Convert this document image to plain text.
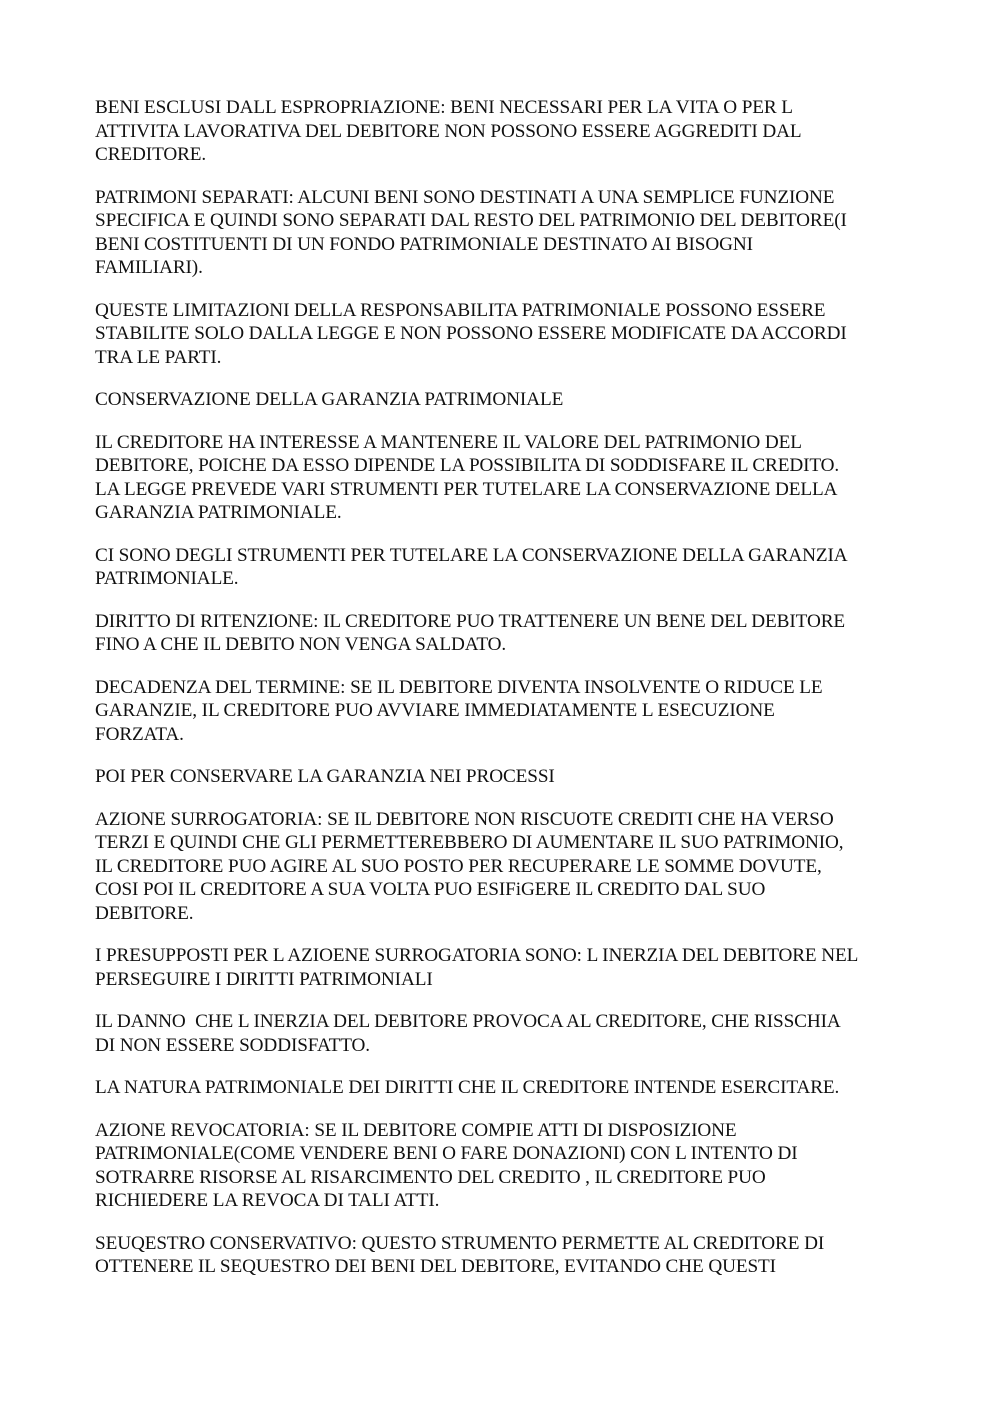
BENI ESCLUSI DALL ESPROPRIAZIONE: BENI NECESSARI PER LA VITA O PER L
ATTIVITA LAVORATIVA DEL DEBITORE NON POSSONO ESSERE AGGREDITI DAL
CREDITORE.

PATRIMONI SEPARATI: ALCUNI BENI SONO DESTINATI A UNA SEMPLICE FUNZIONE
SPECIFICA E QUINDI SONO SEPARATI DAL RESTO DEL PATRIMONIO DEL DEBITORE(I
BENI COSTITUENTI DI UN FONDO PATRIMONIALE DESTINATO AI BISOGNI
FAMILIARI).

QUESTE LIMITAZIONI DELLA RESPONSABILITA PATRIMONIALE POSSONO ESSERE
STABILITE SOLO DALLA LEGGE E NON POSSONO ESSERE MODIFICATE DA ACCORDI
TRA LE PARTI.

CONSERVAZIONE DELLA GARANZIA PATRIMONIALE

IL CREDITORE HA INTERESSE A MANTENERE IL VALORE DEL PATRIMONIO DEL
DEBITORE, POICHE DA ESSO DIPENDE LA POSSIBILITA DI SODDISFARE IL CREDITO.
LA LEGGE PREVEDE VARI STRUMENTI PER TUTELARE LA CONSERVAZIONE DELLA
GARANZIA PATRIMONIALE.

CI SONO DEGLI STRUMENTI PER TUTELARE LA CONSERVAZIONE DELLA GARANZIA
PATRIMONIALE.

DIRITTO DI RITENZIONE: IL CREDITORE PUO TRATTENERE UN BENE DEL DEBITORE
FINO A CHE IL DEBITO NON VENGA SALDATO.

DECADENZA DEL TERMINE: SE IL DEBITORE DIVENTA INSOLVENTE O RIDUCE LE
GARANZIE, IL CREDITORE PUO AVVIARE IMMEDIATAMENTE L ESECUZIONE
FORZATA.

POI PER CONSERVARE LA GARANZIA NEI PROCESSI

AZIONE SURROGATORIA: SE IL DEBITORE NON RISCUOTE CREDITI CHE HA VERSO
TERZI E QUINDI CHE GLI PERMETTEREBBERO DI AUMENTARE IL SUO PATRIMONIO,
IL CREDITORE PUO AGIRE AL SUO POSTO PER RECUPERARE LE SOMME DOVUTE,
COSI POI IL CREDITORE A SUA VOLTA PUO ESIFiGERE IL CREDITO DAL SUO
DEBITORE.

I PRESUPPOSTI PER L AZIOENE SURROGATORIA SONO: L INERZIA DEL DEBITORE NEL
PERSEGUIRE I DIRITTI PATRIMONIALI

IL DANNO  CHE L INERZIA DEL DEBITORE PROVOCA AL CREDITORE, CHE RISSCHIA
DI NON ESSERE SODDISFATTO.

LA NATURA PATRIMONIALE DEI DIRITTI CHE IL CREDITORE INTENDE ESERCITARE.

AZIONE REVOCATORIA: SE IL DEBITORE COMPIE ATTI DI DISPOSIZIONE
PATRIMONIALE(COME VENDERE BENI O FARE DONAZIONI) CON L INTENTO DI
SOTRARRE RISORSE AL RISARCIMENTO DEL CREDITO , IL CREDITORE PUO
RICHIEDERE LA REVOCA DI TALI ATTI.

SEUQESTRO CONSERVATIVO: QUESTO STRUMENTO PERMETTE AL CREDITORE DI
OTTENERE IL SEQUESTRO DEI BENI DEL DEBITORE, EVITANDO CHE QUESTI
